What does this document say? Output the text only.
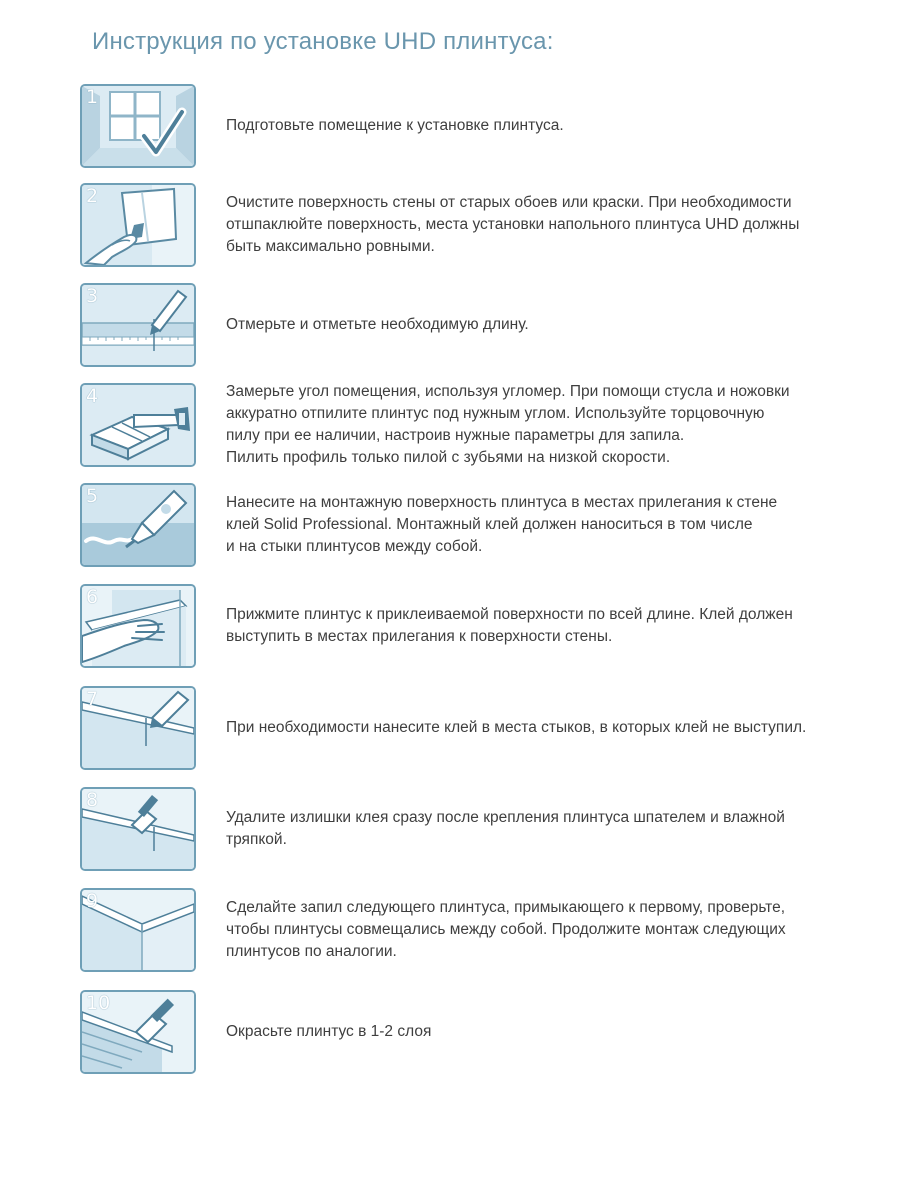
Инструкция по установке UHD плинтуса:
1
Подготовьте помещение к установке плинтуса.
2	Очистите поверхность стены от старых обоев или краски. При необходимости
отшпаклюйте поверхность, места установки напольного плинтуса UHD должны
быть максимально ровными.
3
Отмерьте и отметьте необходимую длину.
4	Замерьте угол помещения, используя угломер. При помощи стусла и ножовки
аккуратно отпилите плинтус под нужным углом. Используйте торцовочную
пилу при ее наличии, настроив нужные параметры для запила.
Пилить профиль только пилой с зубьями на низкой скорости.
5	Нанесите на монтажную поверхность плинтуса в местах прилегания к стене
клей Solid Professional. Монтажный клей должен наноситься в том числе
и на стыки плинтусов между собой.
6
Прижмите плинтус к приклеиваемой поверхности по всей длине. Клей должен
выступить в местах прилегания к поверхности стены.
7
При необходимости нанесите клей в места стыков, в которых клей не выступил.
8
Удалите излишки клея сразу после крепления плинтуса шпателем и влажной
тряпкой.
9	Сделайте запил следующего плинтуса, примыкающего к первому, проверьте,
чтобы плинтусы совмещались между собой. Продолжите монтаж следующих
плинтусов по аналогии.
10
Окрасьте плинтус в 1-2 слоя
